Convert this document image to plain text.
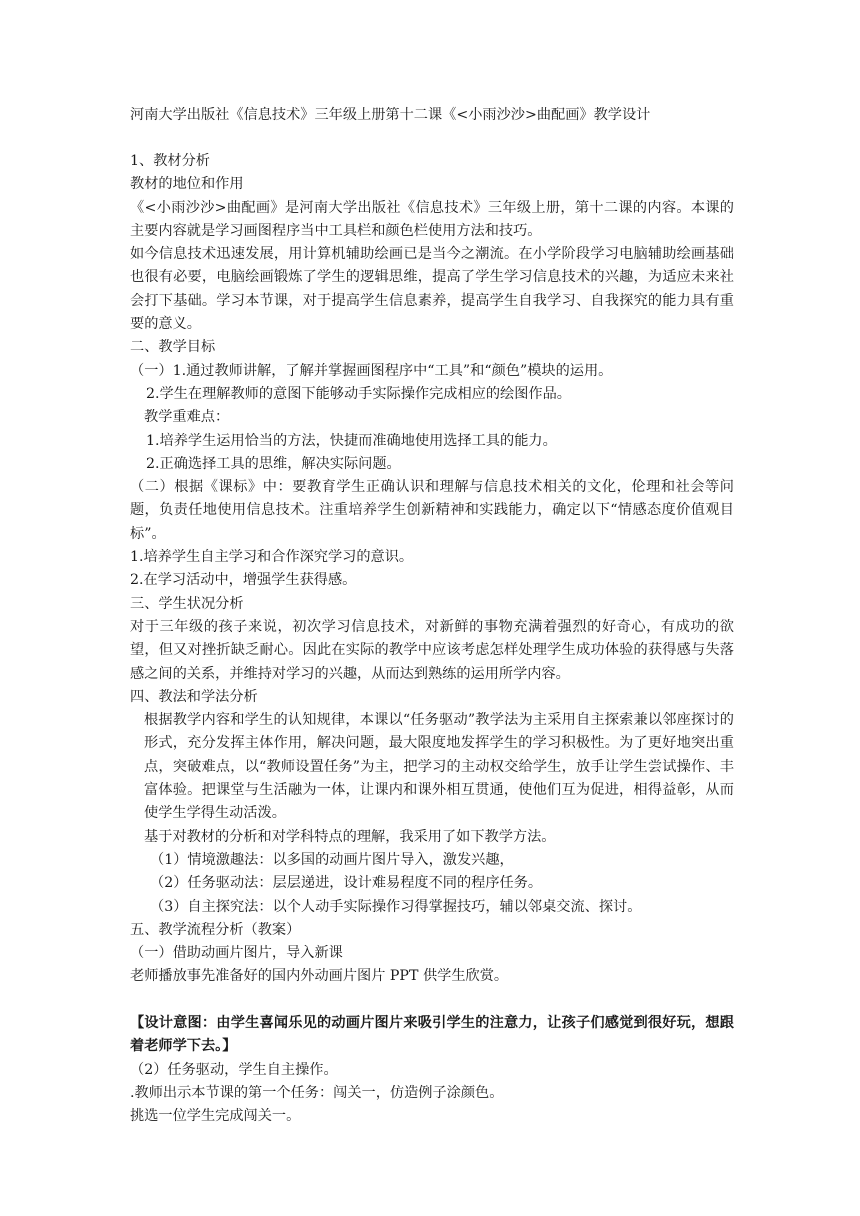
河南大学出版社《信息技术》三年级上册第十二课《<小雨沙沙>曲配画》教学设计

1、教材分析

教材的地位和作用

《<小雨沙沙>曲配画》是河南大学出版社《信息技术》三年级上册，第十二课的内容。本课的主要内容就是学习画图程序当中工具栏和颜色栏使用方法和技巧。

如今信息技术迅速发展，用计算机辅助绘画已是当今之潮流。在小学阶段学习电脑辅助绘画基础也很有必要，电脑绘画锻炼了学生的逻辑思维，提高了学生学习信息技术的兴趣，为适应未来社会打下基础。学习本节课，对于提高学生信息素养，提高学生自我学习、自我探究的能力具有重要的意义。

二、教学目标

（一）1.通过教师讲解，了解并掌握画图程序中“工具”和“颜色”模块的运用。

2.学生在理解教师的意图下能够动手实际操作完成相应的绘图作品。

教学重难点：

1.培养学生运用恰当的方法，快捷而准确地使用选择工具的能力。

2.正确选择工具的思维，解决实际问题。

（二）根据《课标》中：要教育学生正确认识和理解与信息技术相关的文化，伦理和社会等问题，负责任地使用信息技术。注重培养学生创新精神和实践能力，确定以下“情感态度价值观目标”。

1.培养学生自主学习和合作深究学习的意识。

2.在学习活动中，增强学生获得感。

三、学生状况分析

对于三年级的孩子来说，初次学习信息技术，对新鲜的事物充满着强烈的好奇心，有成功的欲望，但又对挫折缺乏耐心。因此在实际的教学中应该考虑怎样处理学生成功体验的获得感与失落感之间的关系，并维持对学习的兴趣，从而达到熟练的运用所学内容。

四、教法和学法分析

根据教学内容和学生的认知规律，本课以“任务驱动”教学法为主采用自主探索兼以邻座探讨的形式，充分发挥主体作用，解决问题，最大限度地发挥学生的学习积极性。为了更好地突出重点，突破难点，以“教师设置任务”为主，把学习的主动权交给学生，放手让学生尝试操作、丰富体验。把课堂与生活融为一体，让课内和课外相互贯通，使他们互为促进，相得益彰，从而使学生学得生动活泼。

基于对教材的分析和对学科特点的理解，我采用了如下教学方法。

（1）情境激趣法：以多国的动画片图片导入，激发兴趣，

（2）任务驱动法：层层递进，设计难易程度不同的程序任务。

（3）自主探究法：以个人动手实际操作习得掌握技巧，辅以邻桌交流、探讨。

五、教学流程分析（教案）

（一）借助动画片图片，导入新课

老师播放事先准备好的国内外动画片图片 PPT 供学生欣赏。

【设计意图：由学生喜闻乐见的动画片图片来吸引学生的注意力，让孩子们感觉到很好玩，想跟着老师学下去。】

（2）任务驱动，学生自主操作。

.教师出示本节课的第一个任务：闯关一，仿造例子涂颜色。

挑选一位学生完成闯关一。
